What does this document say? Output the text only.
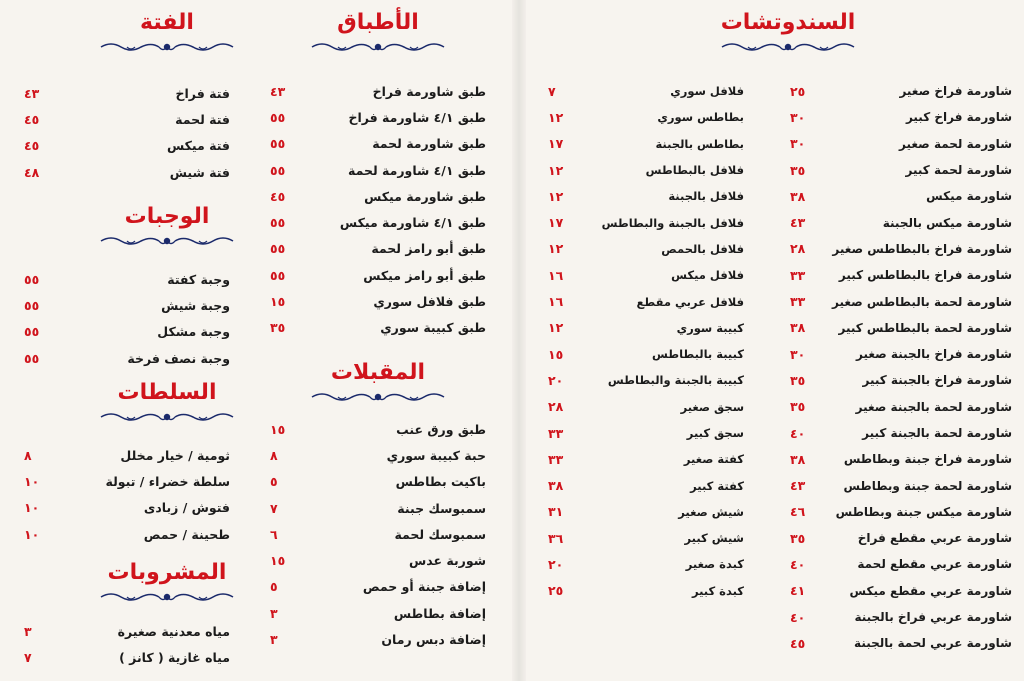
السندوتشات
شاورمة فراخ صغير
٢٥
شاورمة فراخ كبير
٣٠
شاورمة لحمة صغير
٣٠
شاورمة لحمة كبير
٣٥
شاورمة ميكس
٣٨
شاورمة ميكس بالجبنة
٤٣
شاورمة فراخ بالبطاطس صغير
٢٨
شاورمة فراخ بالبطاطس كبير
٣٣
شاورمة لحمة بالبطاطس صغير
٣٣
شاورمة لحمة بالبطاطس كبير
٣٨
شاورمة فراخ بالجبنة صغير
٣٠
شاورمة فراخ بالجبنة كبير
٣٥
شاورمة لحمة بالجبنة صغير
٣٥
شاورمة لحمة بالجبنة كبير
٤٠
شاورمة فراخ جبنة وبطاطس
٣٨
شاورمة لحمة جبنة وبطاطس
٤٣
شاورمة ميكس جبنة وبطاطس
٤٦
شاورمة عربي مقطع فراخ
٣٥
شاورمة عربي مقطع لحمة
٤٠
شاورمة عربي مقطع ميكس
٤١
شاورمة عربي فراخ بالجبنة
٤٠
شاورمة عربي لحمة بالجبنة
٤٥
فلافل سوري
٧
بطاطس سوري
١٢
بطاطس بالجبنة
١٧
فلافل بالبطاطس
١٢
فلافل بالجبنة
١٢
فلافل بالجبنة والبطاطس
١٧
فلافل بالحمص
١٢
فلافل ميكس
١٦
فلافل عربي مقطع
١٦
كبيبة سوري
١٢
كبيبة بالبطاطس
١٥
كبيبة بالجبنة والبطاطس
٢٠
سجق صغير
٢٨
سجق كبير
٣٣
كفتة صغير
٣٣
كفتة كبير
٣٨
شيش صغير
٣١
شيش كبير
٣٦
كبدة صغير
٢٠
كبدة كبير
٢٥
الأطباق
طبق شاورمة فراخ
٤٣
طبق ٤/١ شاورمة فراخ
٥٥
طبق شاورمة لحمة
٥٥
طبق ٤/١ شاورمة لحمة
٥٥
طبق شاورمة ميكس
٤٥
طبق ٤/١ شاورمة ميكس
٥٥
طبق أبو رامز لحمة
٥٥
طبق أبو رامز ميكس
٥٥
طبق فلافل سوري
١٥
طبق كبيبة سوري
٣٥
المقبلات
طبق ورق عنب
١٥
حبة كبيبة سوري
٨
باكيت بطاطس
٥
سمبوسك جبنة
٧
سمبوسك لحمة
٦
شوربة عدس
١٥
إضافة جبنة أو حمص
٥
إضافة بطاطس
٣
إضافة دبس رمان
٣
الفتة
فتة فراخ
٤٣
فتة لحمة
٤٥
فتة ميكس
٤٥
فتة شيش
٤٨
الوجبات
وجبة كفتة
٥٥
وجبة شيش
٥٥
وجبة مشكل
٥٥
وجبة نصف فرخة
٥٥
السلطات
ثومية / خيار مخلل
٨
سلطة خضراء / تبولة
١٠
فتوش / زبادى
١٠
طحينة / حمص
١٠
المشروبات
مياه معدنية صغيرة
٣
مياه غازية ( كانز )
٧
